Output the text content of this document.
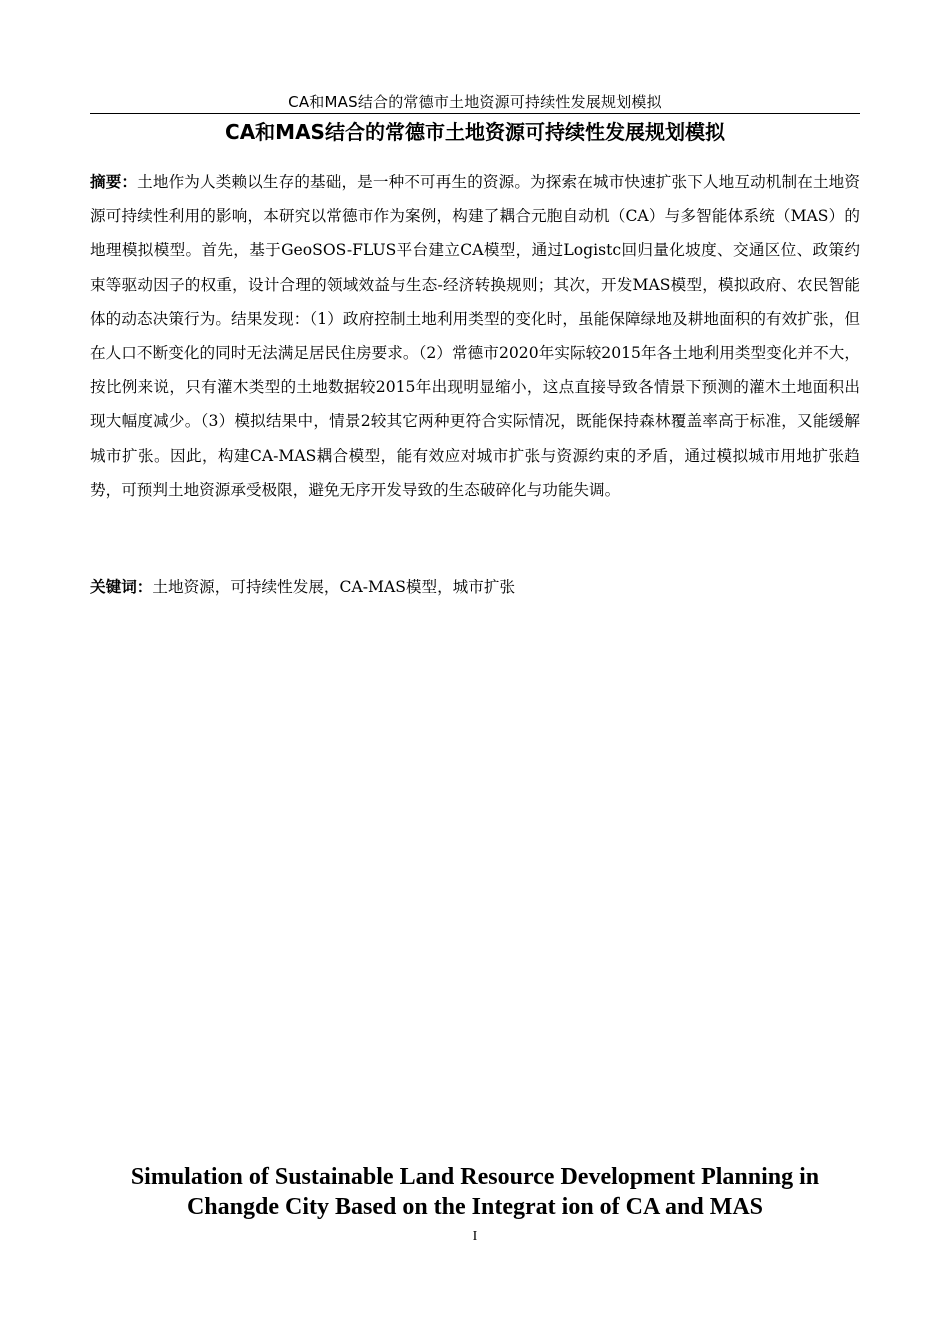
CA和MAS结合的常德市土地资源可持续性发展规划模拟
CA和MAS结合的常德市土地资源可持续性发展规划模拟

摘要：土地作为人类赖以生存的基础，是一种不可再生的资源。为探索在城市快速扩张下人地互动机制在土地资源可持续性利用的影响，本研究以常德市作为案例，构建了耦合元胞自动机（CA）与多智能体系统（MAS）的地理模拟模型。首先，基于GeoSOS-FLUS平台建立CA模型，通过Logistc回归量化坡度、交通区位、政策约束等驱动因子的权重，设计合理的领域效益与生态-经济转换规则；其次，开发MAS模型，模拟政府、农民智能体的动态决策行为。结果发现：（1）政府控制土地利用类型的变化时，虽能保障绿地及耕地面积的有效扩张，但在人口不断变化的同时无法满足居民住房要求。（2）常德市2020年实际较2015年各土地利用类型变化并不大，按比例来说，只有灌木类型的土地数据较2015年出现明显缩小，这点直接导致各情景下预测的灌木土地面积出现大幅度减少。（3）模拟结果中，情景2较其它两种更符合实际情况，既能保持森林覆盖率高于标准，又能缓解城市扩张。因此，构建CA-MAS耦合模型，能有效应对城市扩张与资源约束的矛盾，通过模拟城市用地扩张趋势，可预判土地资源承受极限，避免无序开发导致的生态破碎化与功能失调。

关键词：土地资源，可持续性发展，CA-MAS模型，城市扩张
Simulation of Sustainable Land Resource Development Planning in
Changde City Based on the Integrat ion of CA and MAS
I
